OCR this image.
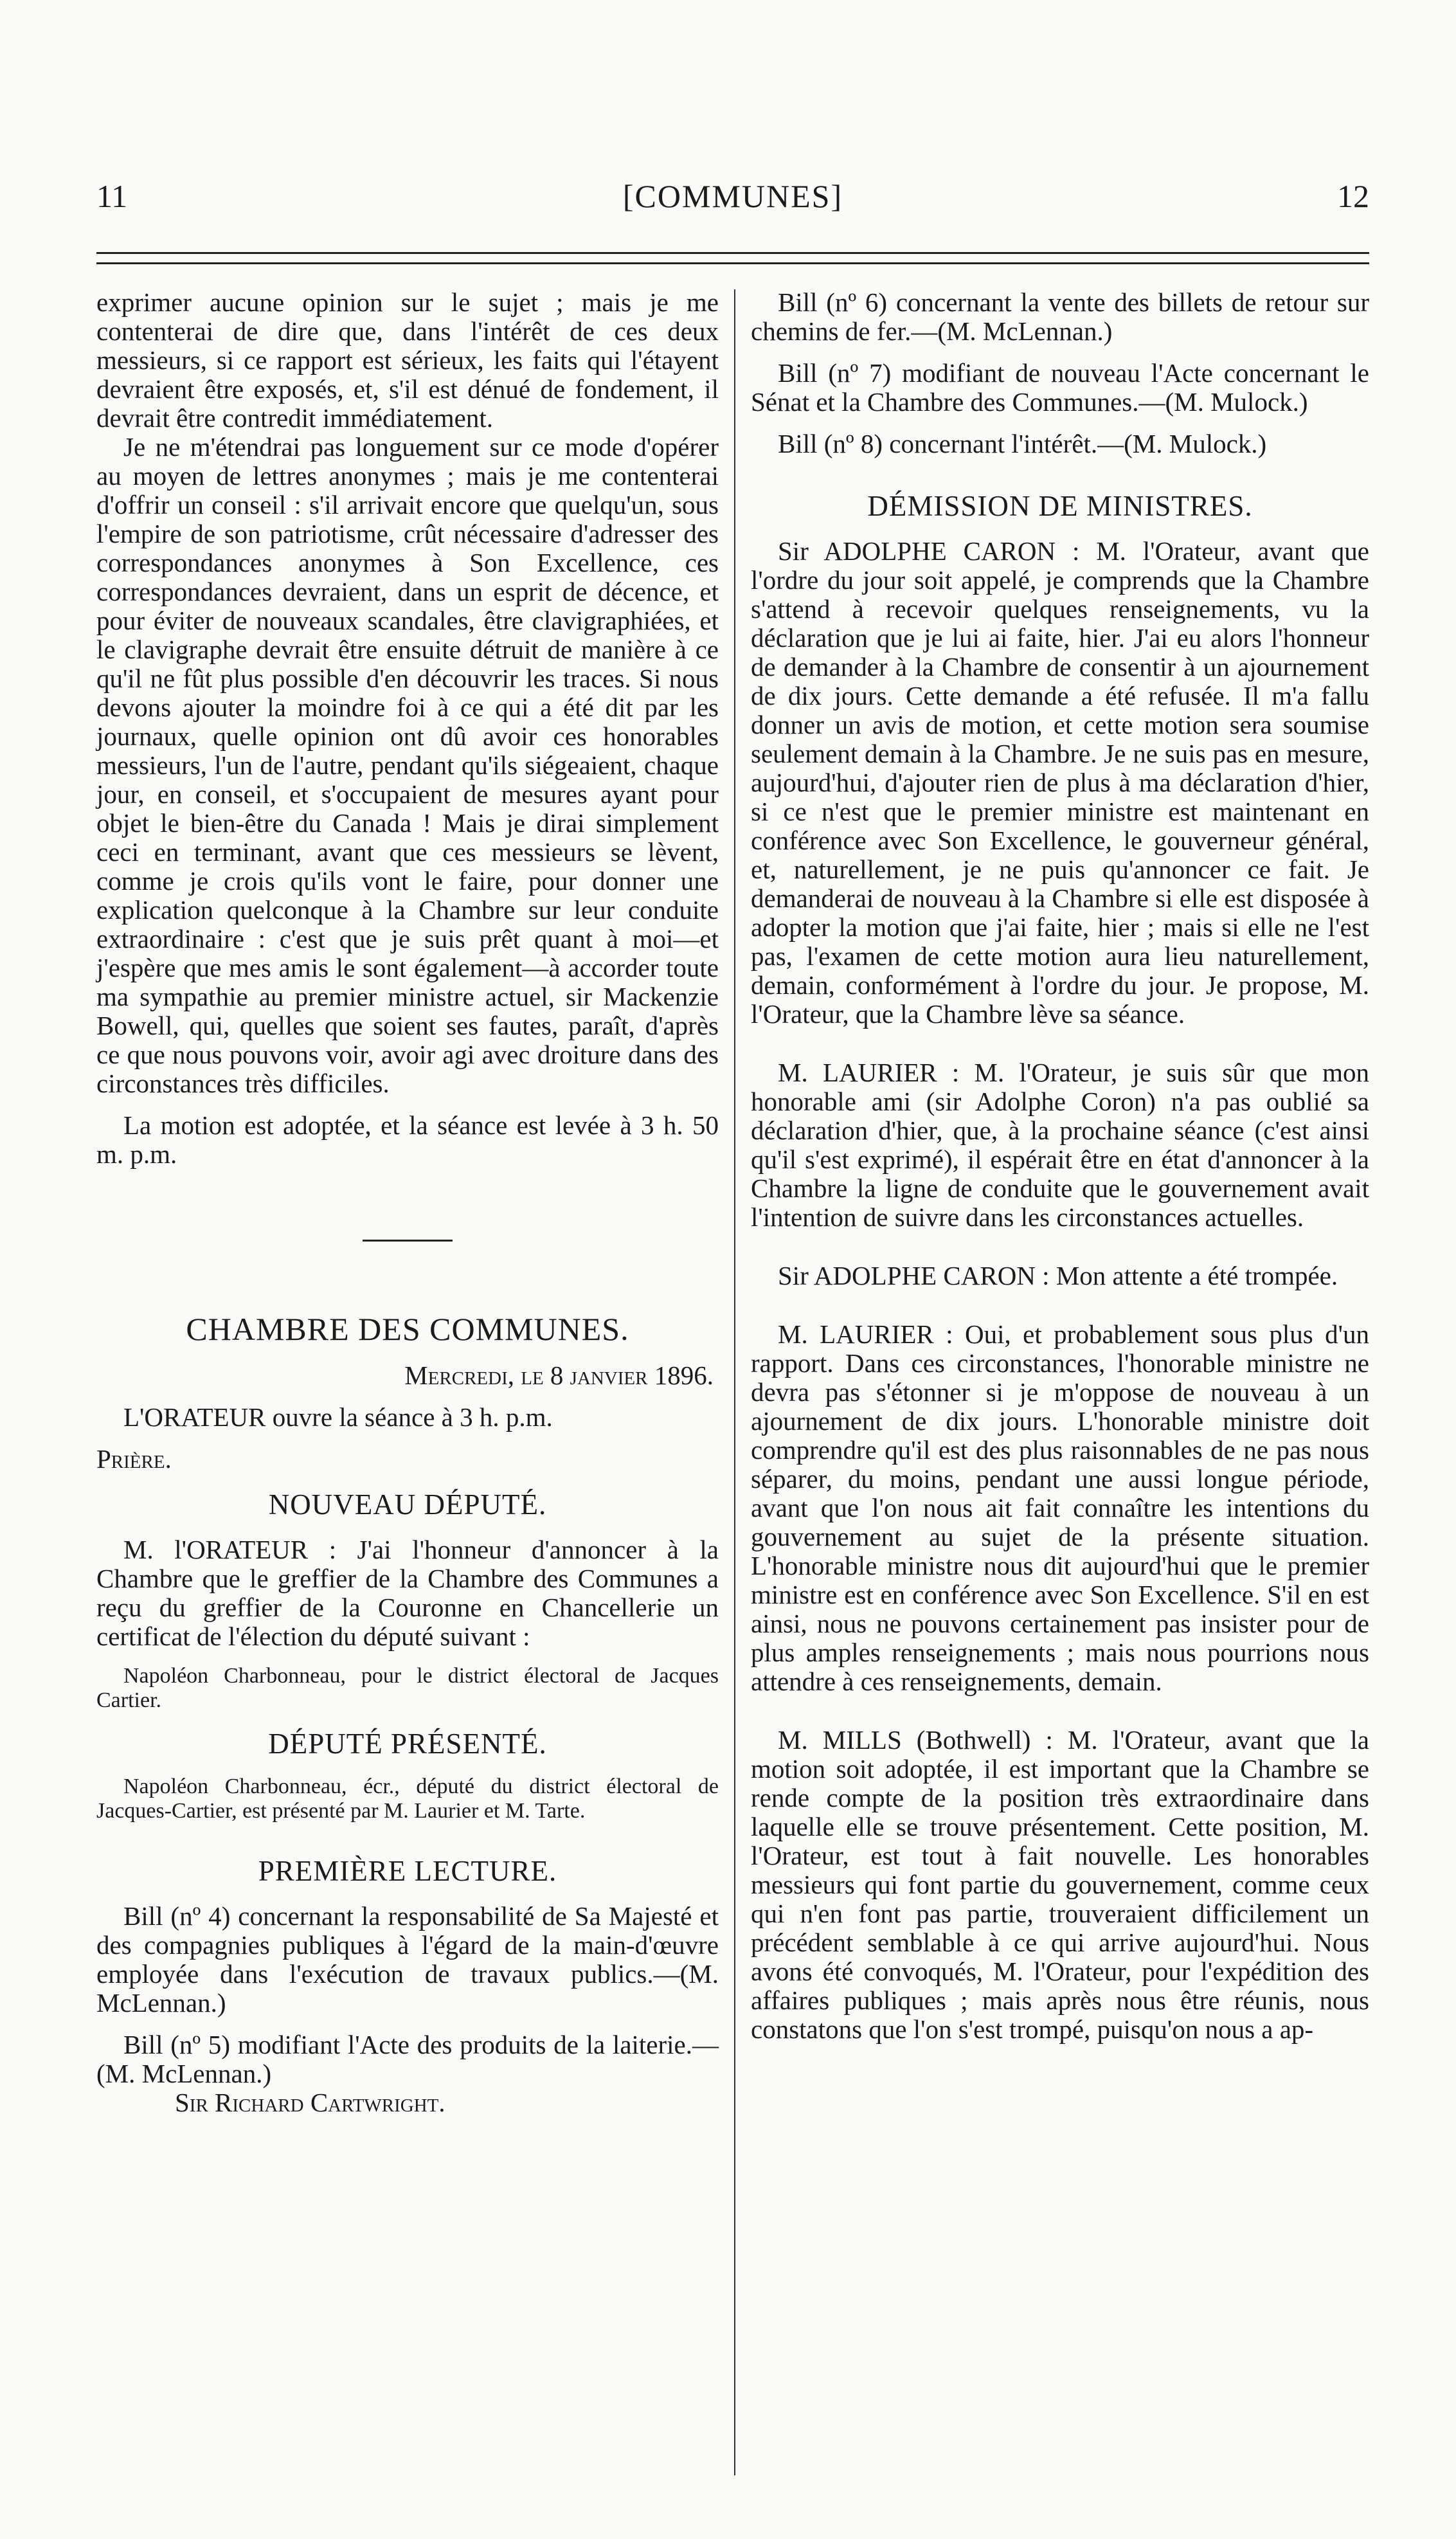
11	[COMMUNES]	12

exprimer aucune opinion sur le sujet ; mais je me contenterai de dire que, dans l'intérêt de ces deux messieurs, si ce rapport est sérieux, les faits qui l'étayent devraient être exposés, et, s'il est dénué de fondement, il devrait être contredit immédiatement.

Je ne m'étendrai pas longuement sur ce mode d'opérer au moyen de lettres anonymes ; mais je me contenterai d'offrir un conseil : s'il arrivait encore que quelqu'un, sous l'empire de son patriotisme, crût nécessaire d'adresser des correspondances anonymes à Son Excellence, ces correspondances devraient, dans un esprit de décence, et pour éviter de nouveaux scandales, être clavigraphiées, et le clavigraphe devrait être ensuite détruit de manière à ce qu'il ne fût plus possible d'en découvrir les traces. Si nous devons ajouter la moindre foi à ce qui a été dit par les journaux, quelle opinion ont dû avoir ces honorables messieurs, l'un de l'autre, pendant qu'ils siégeaient, chaque jour, en conseil, et s'occupaient de mesures ayant pour objet le bien-être du Canada ! Mais je dirai simplement ceci en terminant, avant que ces messieurs se lèvent, comme je crois qu'ils vont le faire, pour donner une explication quelconque à la Chambre sur leur conduite extraordinaire : c'est que je suis prêt quant à moi—et j'espère que mes amis le sont également—à accorder toute ma sympathie au premier ministre actuel, sir Mackenzie Bowell, qui, quelles que soient ses fautes, paraît, d'après ce que nous pouvons voir, avoir agi avec droiture dans des circonstances très difficiles.

La motion est adoptée, et la séance est levée à 3 h. 50 m. p.m.

CHAMBRE DES COMMUNES.

Mercredi, le 8 janvier 1896.

L'ORATEUR ouvre la séance à 3 h. p.m.

Prière.

NOUVEAU DÉPUTÉ.

M. l'ORATEUR : J'ai l'honneur d'annoncer à la Chambre que le greffier de la Chambre des Communes a reçu du greffier de la Couronne en Chancellerie un certificat de l'élection du député suivant :

Napoléon Charbonneau, pour le district électoral de Jacques Cartier.

DÉPUTÉ PRÉSENTÉ.

Napoléon Charbonneau, écr., député du district électoral de Jacques-Cartier, est présenté par M. Laurier et M. Tarte.

PREMIÈRE LECTURE.

Bill (nº 4) concernant la responsabilité de Sa Majesté et des compagnies publiques à l'égard de la main-d'œuvre employée dans l'exécution de travaux publics.—(M. McLennan.)

Bill (nº 5) modifiant l'Acte des produits de la laiterie.—(M. McLennan.)

Sir Richard Cartwright.

Bill (nº 6) concernant la vente des billets de retour sur chemins de fer.—(M. McLennan.)

Bill (nº 7) modifiant de nouveau l'Acte concernant le Sénat et la Chambre des Communes.—(M. Mulock.)

Bill (nº 8) concernant l'intérêt.—(M. Mulock.)

DÉMISSION DE MINISTRES.

Sir ADOLPHE CARON : M. l'Orateur, avant que l'ordre du jour soit appelé, je comprends que la Chambre s'attend à recevoir quelques renseignements, vu la déclaration que je lui ai faite, hier. J'ai eu alors l'honneur de demander à la Chambre de consentir à un ajournement de dix jours. Cette demande a été refusée. Il m'a fallu donner un avis de motion, et cette motion sera soumise seulement demain à la Chambre. Je ne suis pas en mesure, aujourd'hui, d'ajouter rien de plus à ma déclaration d'hier, si ce n'est que le premier ministre est maintenant en conférence avec Son Excellence, le gouverneur général, et, naturellement, je ne puis qu'annoncer ce fait. Je demanderai de nouveau à la Chambre si elle est disposée à adopter la motion que j'ai faite, hier ; mais si elle ne l'est pas, l'examen de cette motion aura lieu naturellement, demain, conformément à l'ordre du jour. Je propose, M. l'Orateur, que la Chambre lève sa séance.

M. LAURIER : M. l'Orateur, je suis sûr que mon honorable ami (sir Adolphe Coron) n'a pas oublié sa déclaration d'hier, que, à la prochaine séance (c'est ainsi qu'il s'est exprimé), il espérait être en état d'annoncer à la Chambre la ligne de conduite que le gouvernement avait l'intention de suivre dans les circonstances actuelles.

Sir ADOLPHE CARON : Mon attente a été trompée.

M. LAURIER : Oui, et probablement sous plus d'un rapport. Dans ces circonstances, l'honorable ministre ne devra pas s'étonner si je m'oppose de nouveau à un ajournement de dix jours. L'honorable ministre doit comprendre qu'il est des plus raisonnables de ne pas nous séparer, du moins, pendant une aussi longue période, avant que l'on nous ait fait connaître les intentions du gouvernement au sujet de la présente situation. L'honorable ministre nous dit aujourd'hui que le premier ministre est en conférence avec Son Excellence. S'il en est ainsi, nous ne pouvons certainement pas insister pour de plus amples renseignements ; mais nous pourrions nous attendre à ces renseignements, demain.

M. MILLS (Bothwell) : M. l'Orateur, avant que la motion soit adoptée, il est important que la Chambre se rende compte de la position très extraordinaire dans laquelle elle se trouve présentement. Cette position, M. l'Orateur, est tout à fait nouvelle. Les honorables messieurs qui font partie du gouvernement, comme ceux qui n'en font pas partie, trouveraient difficilement un précédent semblable à ce qui arrive aujourd'hui. Nous avons été convoqués, M. l'Orateur, pour l'expédition des affaires publiques ; mais après nous être réunis, nous constatons que l'on s'est trompé, puisqu'on nous a ap-
